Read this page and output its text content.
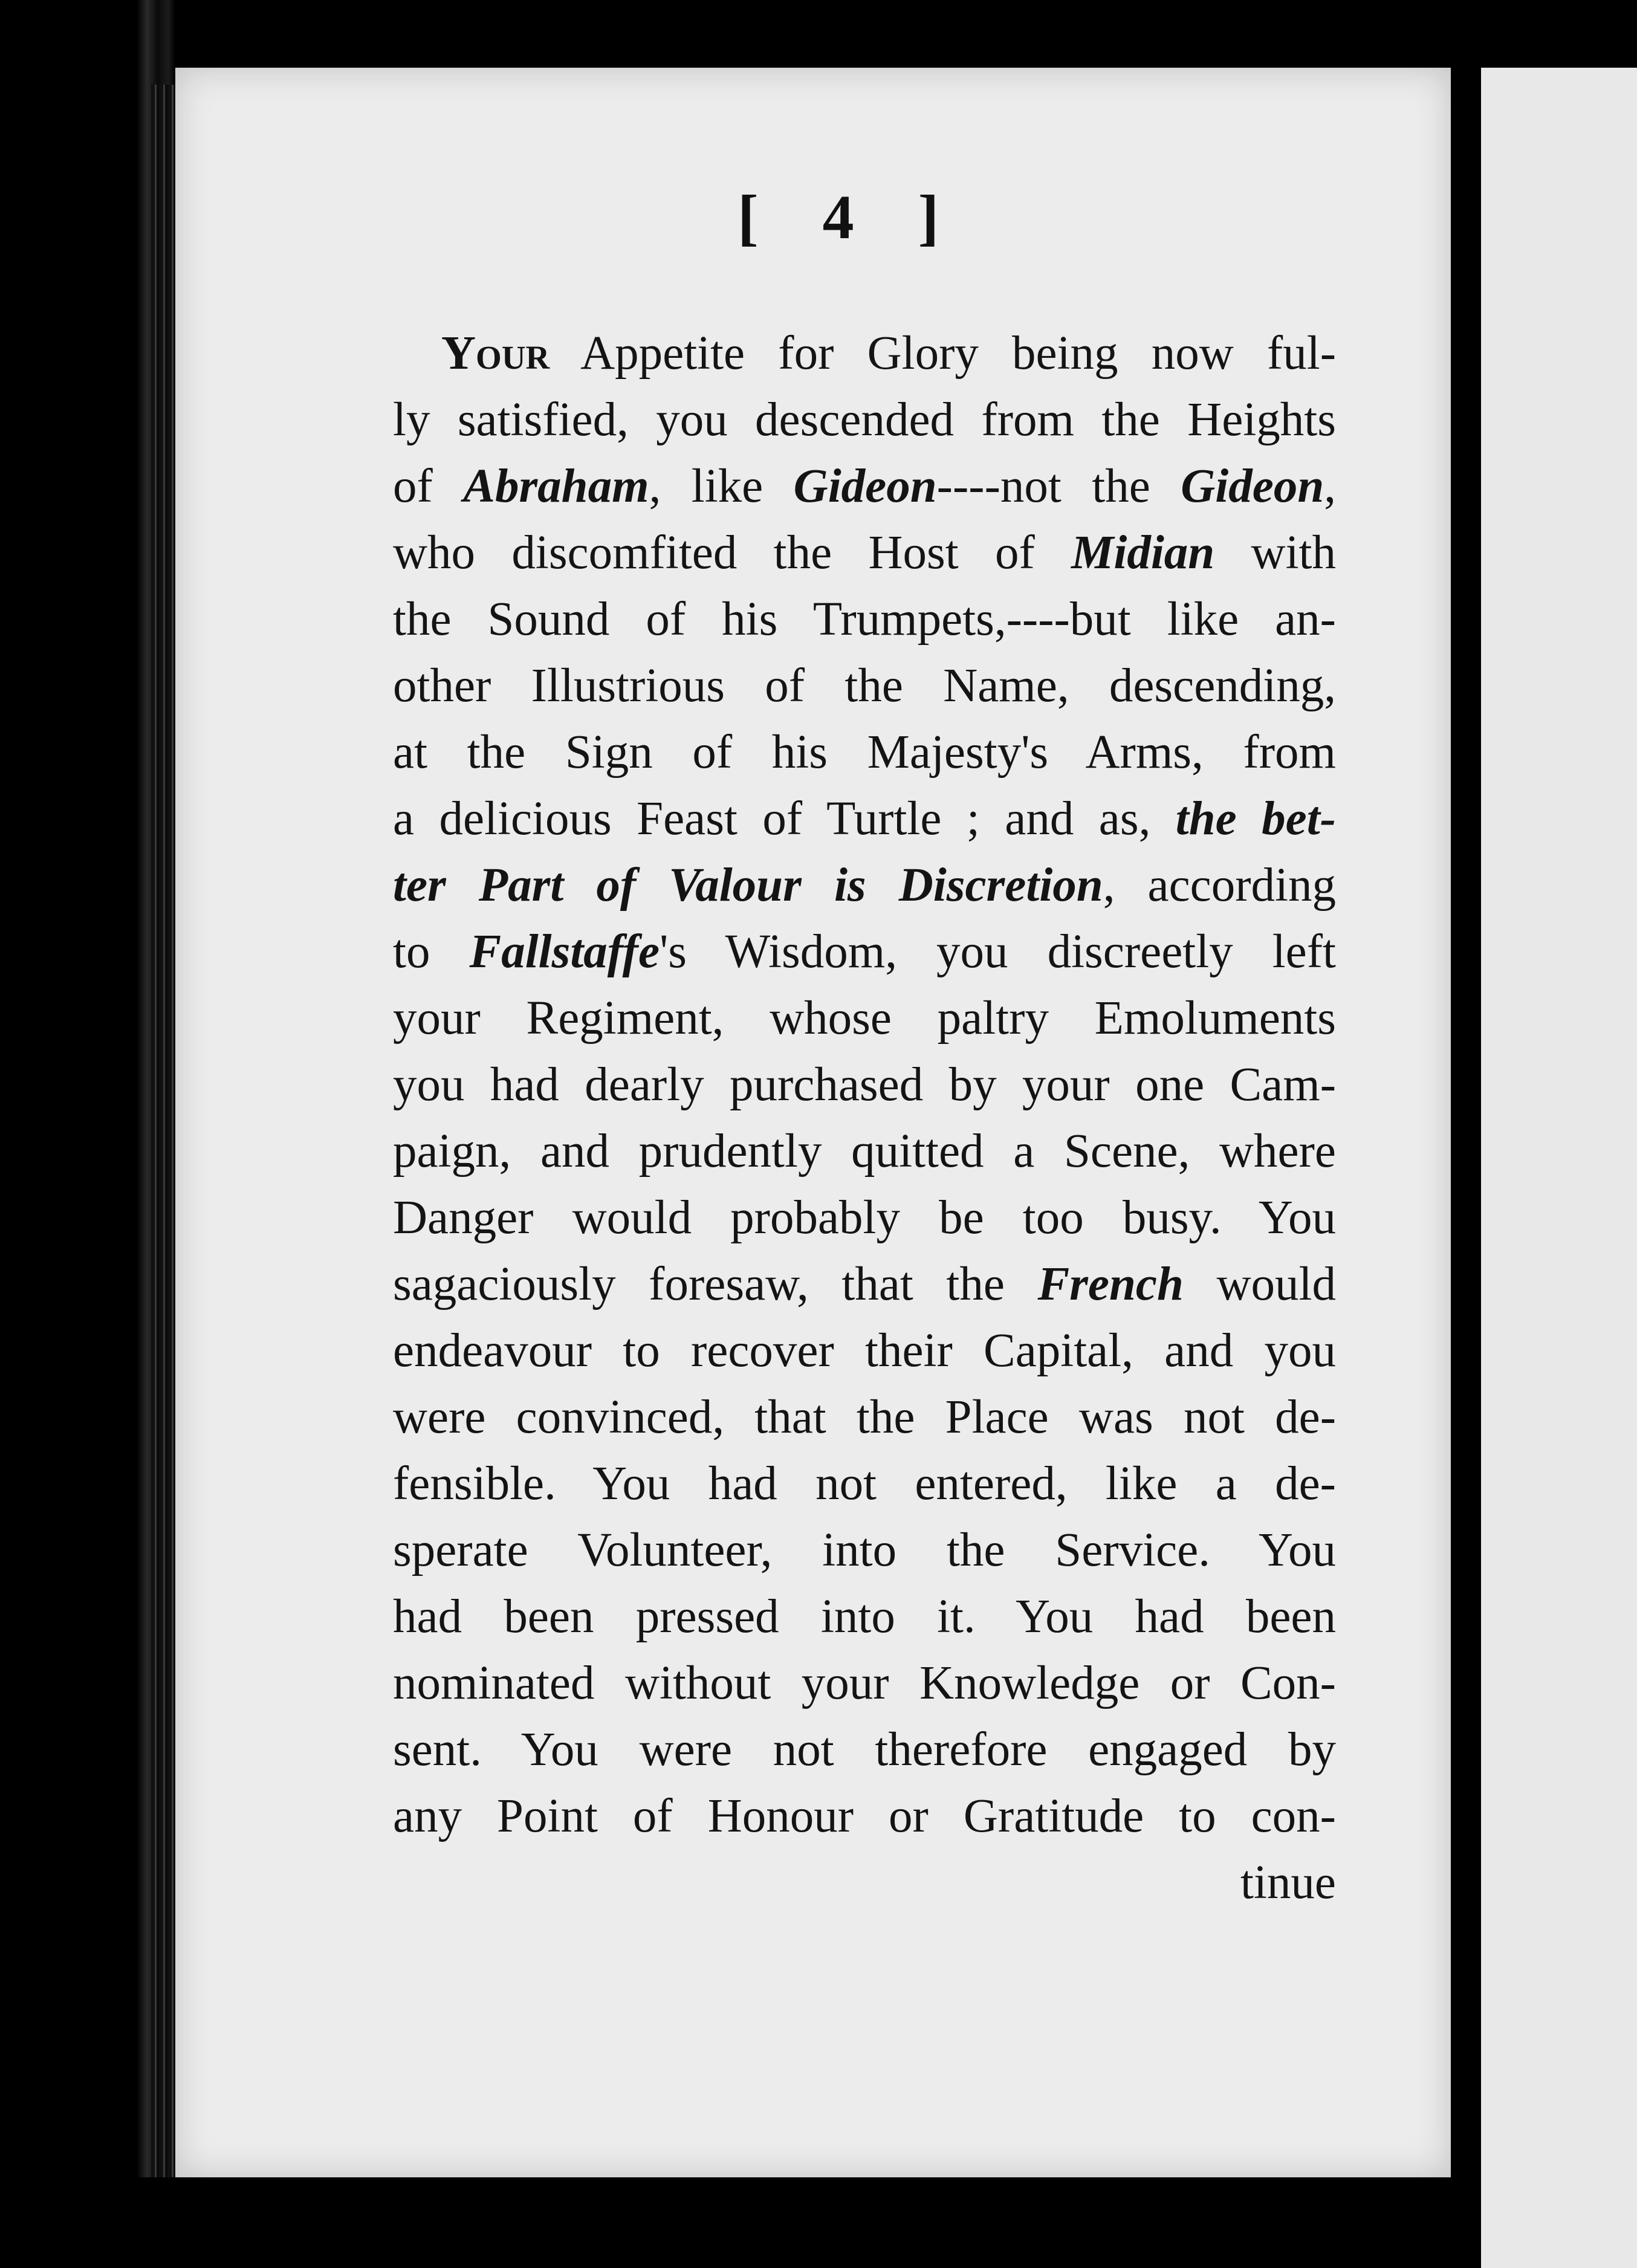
[ 4 ]
Your Appetite for Glory being now ful-
ly satisfied, you descended from the Heights
of Abraham, like Gideon----not the Gideon,
who discomfited the Host of Midian with
the Sound of his Trumpets,----but like an-
other Illustrious of the Name, descending,
at the Sign of his Majesty's Arms, from
a delicious Feast of Turtle ; and as, the bet-
ter Part of Valour is Discretion, according
to Fallstaffe's Wisdom, you discreetly left
your Regiment, whose paltry Emoluments
you had dearly purchased by your one Cam-
paign, and prudently quitted a Scene, where
Danger would probably be too busy. You
sagaciously foresaw, that the French would
endeavour to recover their Capital, and you
were convinced, that the Place was not de-
fensible. You had not entered, like a de-
sperate Volunteer, into the Service. You
had been pressed into it. You had been
nominated without your Knowledge or Con-
sent. You were not therefore engaged by
any Point of Honour or Gratitude to con-
tinue
